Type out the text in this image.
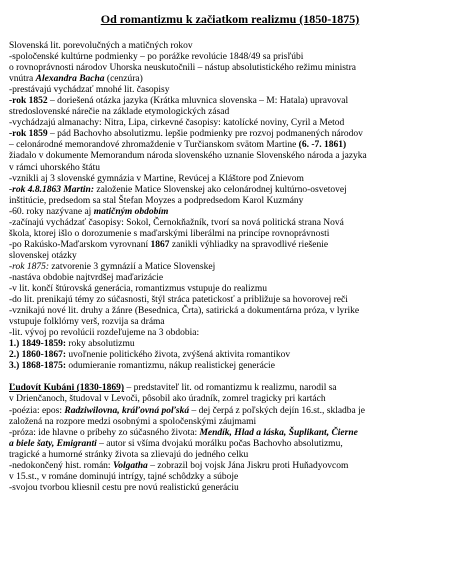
Od romantizmu k začiatkom realizmu (1850-1875)
Slovenská lit. porevolučných a matičných rokov
-spoločenské kultúrne podmienky – po porážke revolúcie 1848/49 sa prisľúbi
o rovnoprávnosti národov Uhorska neuskutočnili – nástup absolutistického režimu ministra
vnútra Alexandra Bacha (cenzúra)
-prestávajú vychádzať mnohé lit. časopisy
-rok 1852 – doriešená otázka jazyka (Krátka mluvnica slovenska – M: Hatala) upravoval
stredoslovenské nárečie na základe etymologických zásad
-vychádzajú almanachy: Nitra, Lipa, cirkevné časopisy: katolícké noviny, Cyril a Metod
-rok 1859 – pád Bachovho absolutizmu. lepšie podmienky pre rozvoj podmanených národov
– celonárodné memorandové zhromaždenie v Turčianskom svätom Martine (6. -7. 1861)
žiadalo v dokumente Memorandum národa slovenského uznanie Slovenského národa a jazyka
v rámci uhorského štátu
-vznikli aj 3 slovenské gymnázia v Martine, Revúcej a Kláštore pod Znievom
-rok 4.8.1863 Martin: založenie Matice Slovenskej ako celonárodnej kultúrno-osvetovej
inštitúcie, predsedom sa stal Štefan Moyzes a podpredsedom Karol Kuzmány
-60. roky nazývane aj matičným obdobím
-začínajú vychádzať časopisy: Sokol, Černokňažník, tvorí sa nová politická strana Nová
škola, ktorej išlo o dorozumenie s maďarskými liberálmi na princípe rovnoprávnosti
-po Rakúsko-Maďarskom vyrovnaní 1867 zanikli výhliadky na spravodlivé riešenie
slovenskej otázky
-rok 1875: zatvorenie 3 gymnázií a Matice Slovenskej
-nastáva obdobie najtvrdšej maďarizácie
-v lit. končí štúrovská generácia, romantizmus vstupuje do realizmu
-do lit. prenikajú témy zo súčasnosti, štýl stráca patetickosť a približuje sa hovorovej reči
-vznikajú nové lit. druhy a žánre (Besednica, Črta), satirická a dokumentárna próza, v lyrike
vstupuje folklórny verš, rozvija sa dráma
-lit. vývoj po revolúcii rozdeľujeme na 3 obdobia:
1.) 1849-1859: roky absolutizmu
2.) 1860-1867: uvoľnenie politického života, zvýšená aktivita romantikov
3.) 1868-1875: odumieranie romantizmu, nákup realistickej generácie
Ľudovít Kubáni (1830-1869) – predstaviteľ lit. od romantizmu k realizmu, narodil sa
v Drienčanoch, študoval v Levoči, pôsobil ako úradník, zomrel tragicky pri kartách
-poézia: epos: Radziwilovna, kráľovná poľská – dej čerpá z poľských dejín 16.st., skladba je
založená na rozpore medzi osobnými a spoločenskými záujmami
-próza: ide hlavne o príbehy zo súčasného života: Mendík, Hlad a láska, Šuplikant, Čierne
a biele šaty, Emigranti – autor si všíma dvojakú morálku počas Bachovho absolutizmu,
tragické a humorné stránky života sa zlievajú do jedného celku
-nedokončený hist. román: Volgatha – zobrazil boj vojsk Jána Jiskru proti Huňadyovcom
v 15.st., v románe dominujú intrígy, tajné schôdzky a súboje
-svojou tvorbou kliesnil cestu pre novú realistickú generáciu
